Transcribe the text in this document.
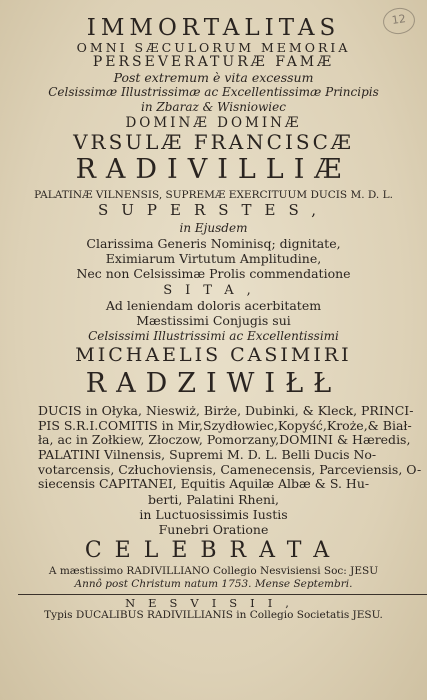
12
IMMORTALITAS
OMNI SÆCULORUM MEMORIA
PERSEVERATURÆ FAMÆ
Post extremum è vita excessum
Celsissimæ Illustrissimæ ac Excellentissimæ Principis
in Zbaraz & Wisniowiec
DOMINÆ DOMINÆ
VRSULÆ FRANCISCÆ
RADIVILLIÆ
PALATINÆ VILNENSIS, SUPREMÆ EXERCITUUM DUCIS M. D. L.
SUPERSTES,
in Ejusdem
Clarissima Generis Nominisq; dignitate,
Eximiarum Virtutum Amplitudine,
Nec non Celsissimæ Prolis commendatione
SITA,
Ad leniendam doloris acerbitatem
Mæstissimi Conjugis sui
Celsissimi Illustrissimi ac Excellentissimi
MICHAELIS CASIMIRI
RADZIWIŁŁ
DUCIS in Ołyka, Nieswiż, Birże, Dubinki, & Kleck, PRINCI-
PIS S.R.I.COMITIS in Mir,Szydłowiec,Kopyść,Kroże,& Biał-
ła, ac in Zołkiew, Złoczow, Pomorzany,DOMINI & Hæredis,
PALATINI Vilnensis, Supremi M. D. L. Belli Ducis No-
votarcensis, Człuchoviensis, Camenecensis, Parceviensis, O-
siecensis CAPITANEI, Equitis Aquilæ Albæ & S. Hu-
berti, Palatini Rheni,
in Luctuosissimis Iustis
Funebri Oratione
CELEBRATA
A mæstissimo RADIVILLIANO Collegio Nesvisiensi Soc: JESU
Annô post Christum natum 1753. Mense Septembri.
NESVISII,
Typis DUCALIBUS RADIVILLIANIS in Collegio Societatis JESU.
